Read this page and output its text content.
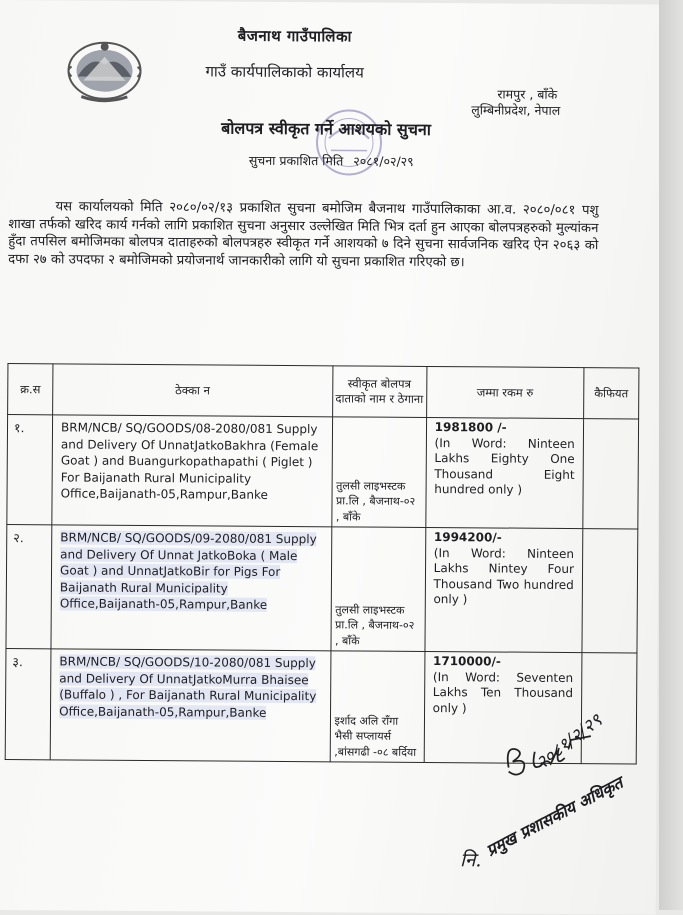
बैजनाथ गाउँपालिका
गाउँ कार्यपालिकाको कार्यालय
रामपुर , बाँके
लुम्बिनीप्रदेश, नेपाल
बोलपत्र स्वीकृत गर्ने आशयको सुचना
सुचना प्रकाशित मिति २०८१/०२/२९
यस कार्यालयको मिति २०८०/०२/१३ प्रकाशित सुचना बमोजिम बैजनाथ गाउँपालिकाका आ.व. २०८०/०८१ पशु शाखा तर्फको खरिद कार्य गर्नको लागि प्रकाशित सुचना अनुसार उल्लेखित मिति भित्र दर्ता हुन आएका बोलपत्रहरुको मुल्यांकन हुँदा तपसिल बमोजिमका बोलपत्र दाताहरुको बोलपत्रहरु स्वीकृत गर्ने आशयको ७ दिने सुचना सार्वजनिक खरिद ऐन २०६३ को दफा २७ को उपदफा २ बमोजिमको प्रयोजनार्थ जानकारीको लागि यो सुचना प्रकाशित गरिएको छ।
क्र.स	ठेक्का न	स्वीकृत बोलपत्र दाताको नाम र ठेगाना	जम्मा रकम रु	कैफियत
१.	BRM/NCB/ SQ/GOODS/08-2080/081 Supply and Delivery Of UnnatJatkoBakhra (Female Goat ) and Buangurkopathapathi ( Piglet ) For Baijanath Rural Municipality Office,Baijanath-05,Rampur,Banke	तुलसी लाइभस्टक प्रा.लि , बैजनाथ-०२ , बाँके	1981800 /-
(In Word: Ninteen Lakhs Eighty One Thousand Eight hundred only )	

२.	BRM/NCB/ SQ/GOODS/09-2080/081 Supply and Delivery Of Unnat JatkoBoka ( Male Goat ) and UnnatJatkoBir for Pigs For Baijanath Rural Municipality Office,Baijanath-05,Rampur,Banke	तुलसी लाइभस्टक प्रा.लि , बैजनाथ-०२ , बाँके	1994200/-
(In Word: Ninteen Lakhs Nintey Four Thousand Two hundred only )	

३.	BRM/NCB/ SQ/GOODS/10-2080/081 Supply and Delivery Of UnnatJatkoMurra Bhaisee (Buffalo ) , For Baijanath Rural Municipality Office,Baijanath-05,Rampur,Banke	इर्शाद अलि रॉंगा भैसी सप्लायर्स ,बांसगढी -०८ बर्दिया	1710000/-
(In Word: Seventen Lakhs Ten Thousand only )	

२०८१/२/२९
नि.
प्रमुख प्रशासकीय अधिकृत
